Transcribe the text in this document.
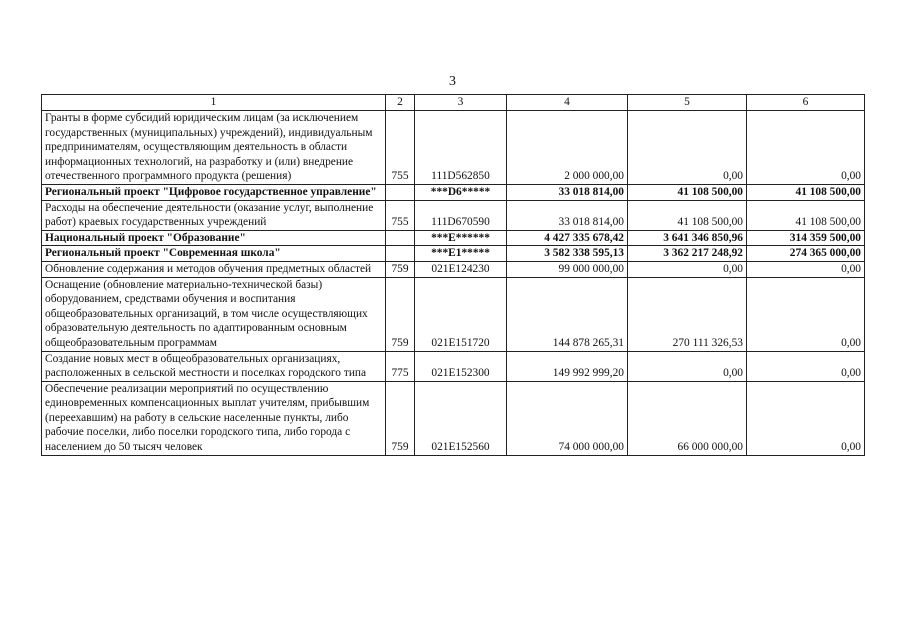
3
1	2	3	4	5	6
Гранты в форме субсидий юридическим лицам (за исключением государственных (муниципальных) учреждений), индивидуальным предпринимателям, осуществляющим деятельность в области информационных технологий, на разработку и (или) внедрение отечественного программного продукта (решения)	755	111D562850	2 000 000,00	0,00	0,00
Региональный проект "Цифровое государственное управление"		***D6*****	33 018 814,00	41 108 500,00	41 108 500,00
Расходы на обеспечение деятельности (оказание услуг, выполнение работ) краевых государственных учреждений	755	111D670590	33 018 814,00	41 108 500,00	41 108 500,00
Национальный проект "Образование"		***E******	4 427 335 678,42	3 641 346 850,96	314 359 500,00
Региональный проект "Современная школа"		***E1*****	3 582 338 595,13	3 362 217 248,92	274 365 000,00
Обновление содержания и методов обучения предметных областей	759	021E124230	99 000 000,00	0,00	0,00
Оснащение (обновление материально-технической базы) оборудованием, средствами обучения и воспитания общеобразовательных организаций, в том числе осуществляющих образовательную деятельность по адаптированным основным общеобразовательным программам	759	021E151720	144 878 265,31	270 111 326,53	0,00
Создание новых мест в общеобразовательных организациях, расположенных в сельской местности и поселках городского типа	775	021E152300	149 992 999,20	0,00	0,00
Обеспечение реализации мероприятий по осуществлению единовременных компенсационных выплат учителям, прибывшим (переехавшим) на работу в сельские населенные пункты, либо рабочие поселки, либо поселки городского типа, либо города с населением до 50 тысяч человек	759	021E152560	74 000 000,00	66 000 000,00	0,00
